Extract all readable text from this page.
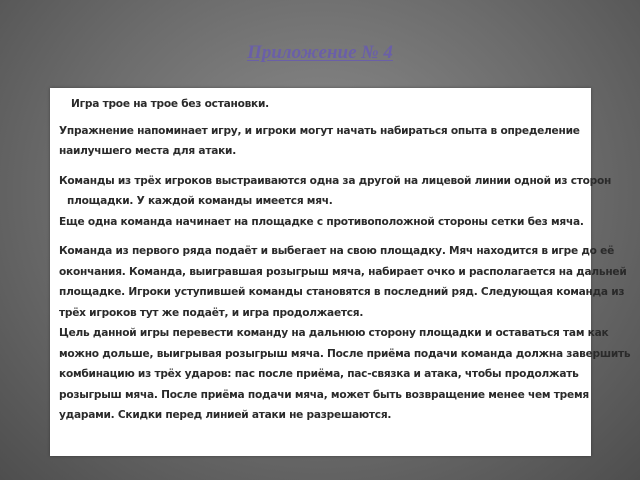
Приложение № 4
Игра трое на трое без остановки.
Упражнение напоминает игру, и игроки могут начать набираться опыта в определение
наилучшего места для атаки.
Команды из трёх игроков выстраиваются одна за другой на лицевой линии одной из сторон
площадки. У каждой команды имеется мяч.
Еще одна команда начинает на площадке с противоположной стороны сетки без мяча.
Команда из первого ряда подаёт и выбегает на свою площадку. Мяч находится в игре до её
окончания. Команда, выигравшая розыгрыш мяча, набирает очко и располагается на дальней
площадке. Игроки уступившей команды становятся в последний ряд. Следующая команда из
трёх игроков тут же подаёт, и игра продолжается.
Цель данной игры перевести команду на дальнюю сторону площадки и оставаться там как
можно дольше, выигрывая розыгрыш мяча. После приёма подачи команда должна завершить
комбинацию из трёх ударов: пас после приёма, пас-связка и атака, чтобы продолжать
розыгрыш мяча. После приёма подачи мяча, может быть возвращение менее чем тремя
ударами. Скидки перед линией атаки не разрешаются.
